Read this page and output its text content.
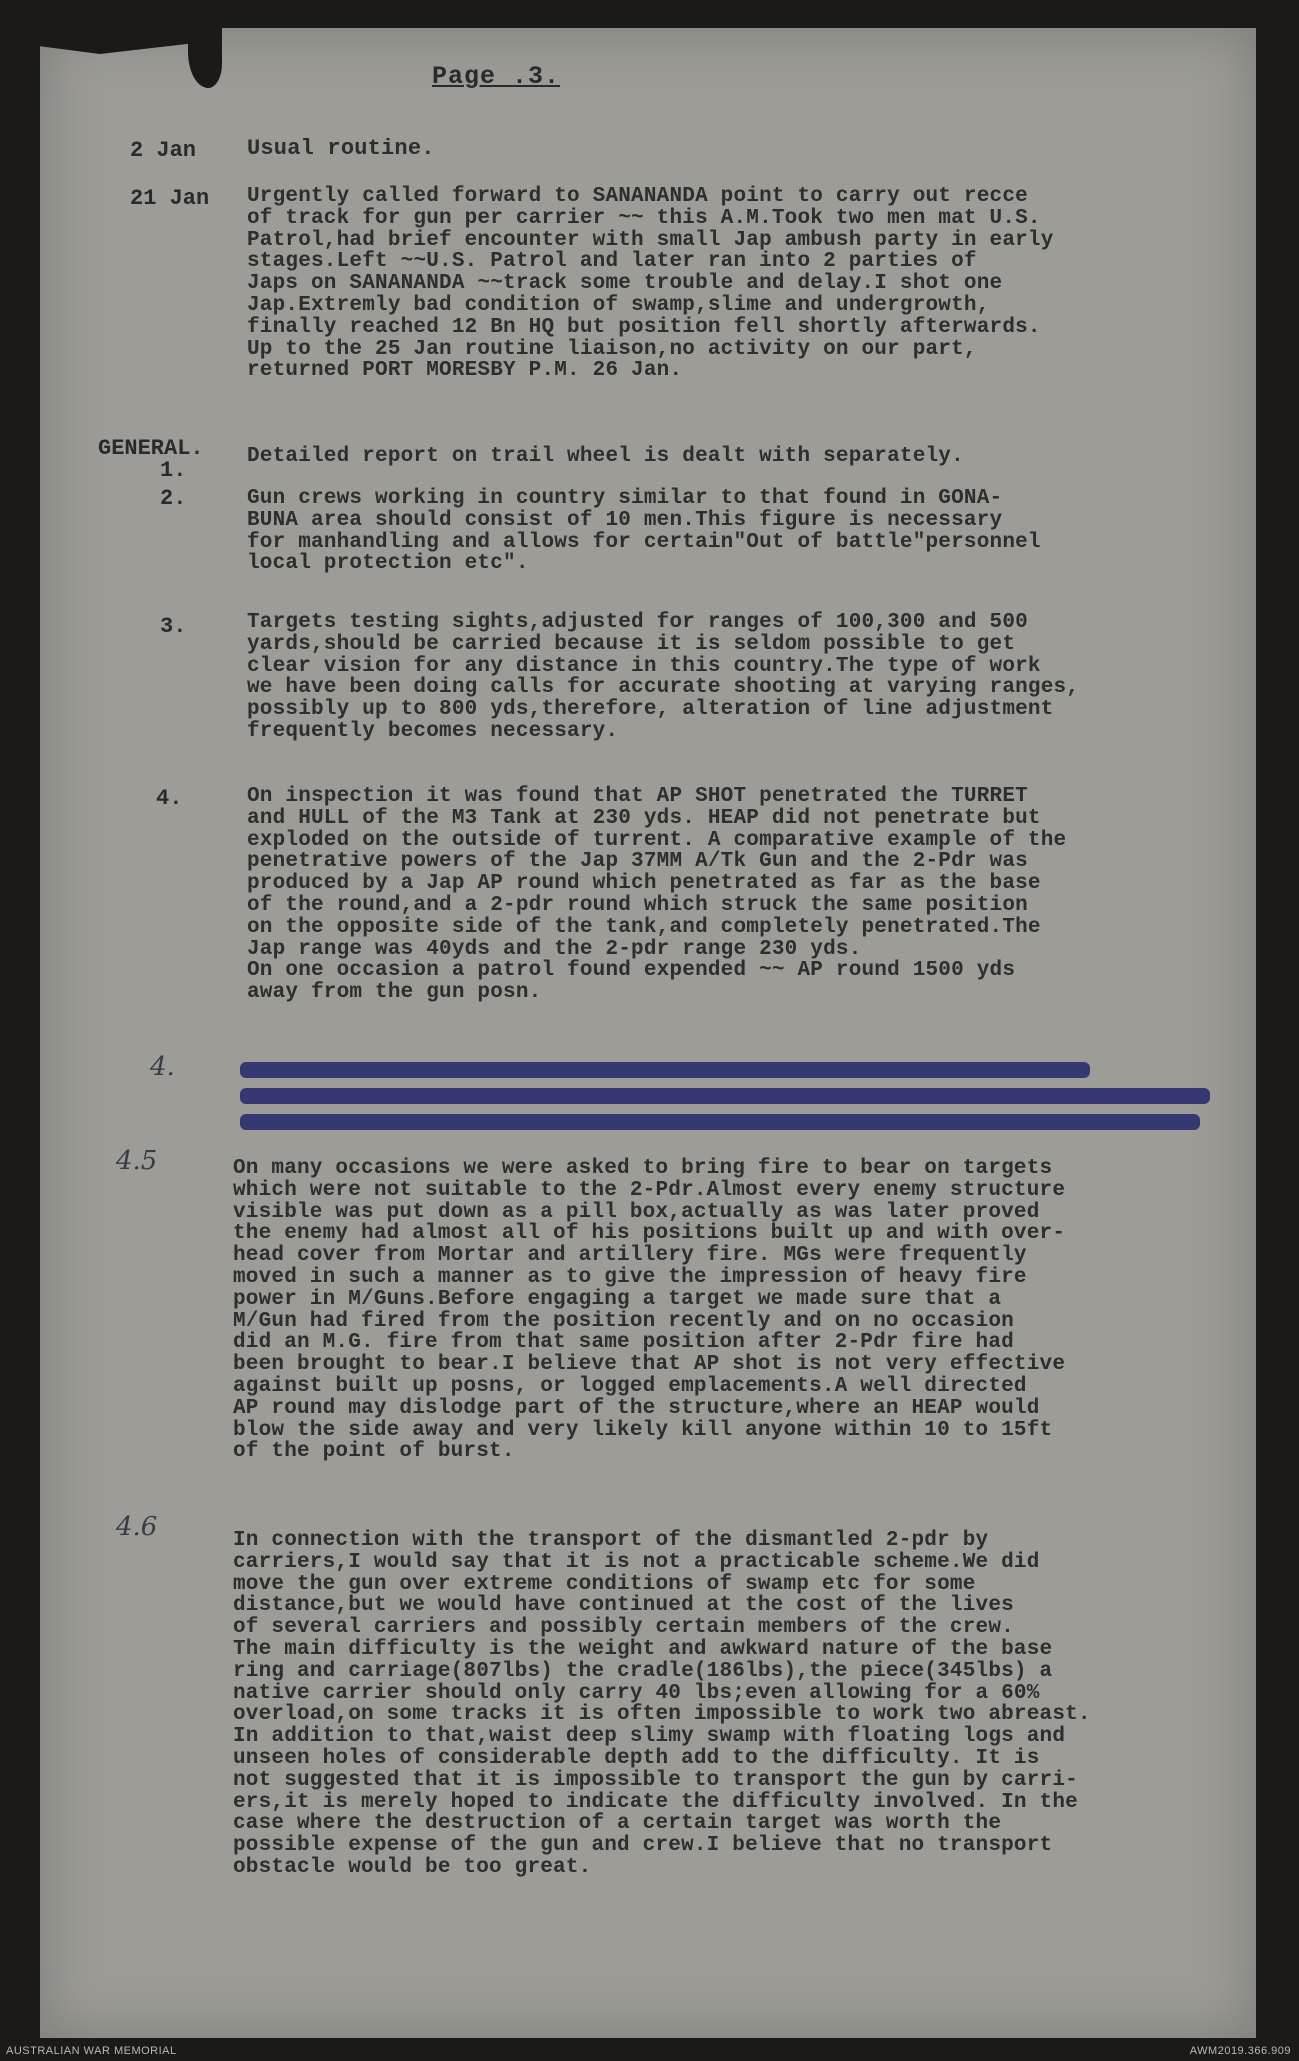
Page .3.
2 Jan Usual routine.
21 Jan Urgently called forward to SANANANDA point to carry out recce
of track for gun per carrier ~~ this A.M.Took two men mat U.S.
Patrol,had brief encounter with small Jap ambush party in early
stages.Left ~~U.S. Patrol and later ran into 2 parties of
Japs on SANANANDA ~~track some trouble and delay.I shot one
Jap.Extremly bad condition of swamp,slime and undergrowth,
finally reached 12 Bn HQ but position fell shortly afterwards.
Up to the 25 Jan routine liaison,no activity on our part,
returned PORT MORESBY P.M. 26 Jan.
GENERAL.
1.
Detailed report on trail wheel is dealt with separately.
2.	Gun crews working in country similar to that found in GONA-
BUNA area should consist of 10 men.This figure is necessary
for manhandling and allows for certain"Out of battle"personnel
local protection etc".
3.	Targets testing sights,adjusted for ranges of 100,300 and 500
yards,should be carried because it is seldom possible to get
clear vision for any distance in this country.The type of work
we have been doing calls for accurate shooting at varying ranges,
possibly up to 800 yds,therefore, alteration of line adjustment
frequently becomes necessary.
4.	On inspection it was found that AP SHOT penetrated the TURRET
and HULL of the M3 Tank at 230 yds. HEAP did not penetrate but
exploded on the outside of turrent. A comparative example of the
penetrative powers of the Jap 37MM A/Tk Gun and the 2-Pdr was
produced by a Jap AP round which penetrated as far as the base
of the round,and a 2-pdr round which struck the same position
on the opposite side of the tank,and completely penetrated.The
Jap range was 40yds and the 2-pdr range 230 yds.
On one occasion a patrol found expended ~~ AP round 1500 yds
away from the gun posn.
4.
4.5	On many occasions we were asked to bring fire to bear on targets
which were not suitable to the 2-Pdr.Almost every enemy structure
visible was put down as a pill box,actually as was later proved
the enemy had almost all of his positions built up and with over-
head cover from Mortar and artillery fire. MGs were frequently
moved in such a manner as to give the impression of heavy fire
power in M/Guns.Before engaging a target we made sure that a
M/Gun had fired from the position recently and on no occasion
did an M.G. fire from that same position after 2-Pdr fire had
been brought to bear.I believe that AP shot is not very effective
against built up posns, or logged emplacements.A well directed
AP round may dislodge part of the structure,where an HEAP would
blow the side away and very likely kill anyone within 10 to 15ft
of the point of burst.
4.6	In connection with the transport of the dismantled 2-pdr by
carriers,I would say that it is not a practicable scheme.We did
move the gun over extreme conditions of swamp etc for some
distance,but we would have continued at the cost of the lives
of several carriers and possibly certain members of the crew.
The main difficulty is the weight and awkward nature of the base
ring and carriage(807lbs) the cradle(186lbs),the piece(345lbs) a
native carrier should only carry 40 lbs;even allowing for a 60%
overload,on some tracks it is often impossible to work two abreast.
In addition to that,waist deep slimy swamp with floating logs and
unseen holes of considerable depth add to the difficulty. It is
not suggested that it is impossible to transport the gun by carri-
ers,it is merely hoped to indicate the difficulty involved. In the
case where the destruction of a certain target was worth the
possible expense of the gun and crew.I believe that no transport
obstacle would be too great.
AUSTRALIAN WAR MEMORIAL	AWM2019.366.909
